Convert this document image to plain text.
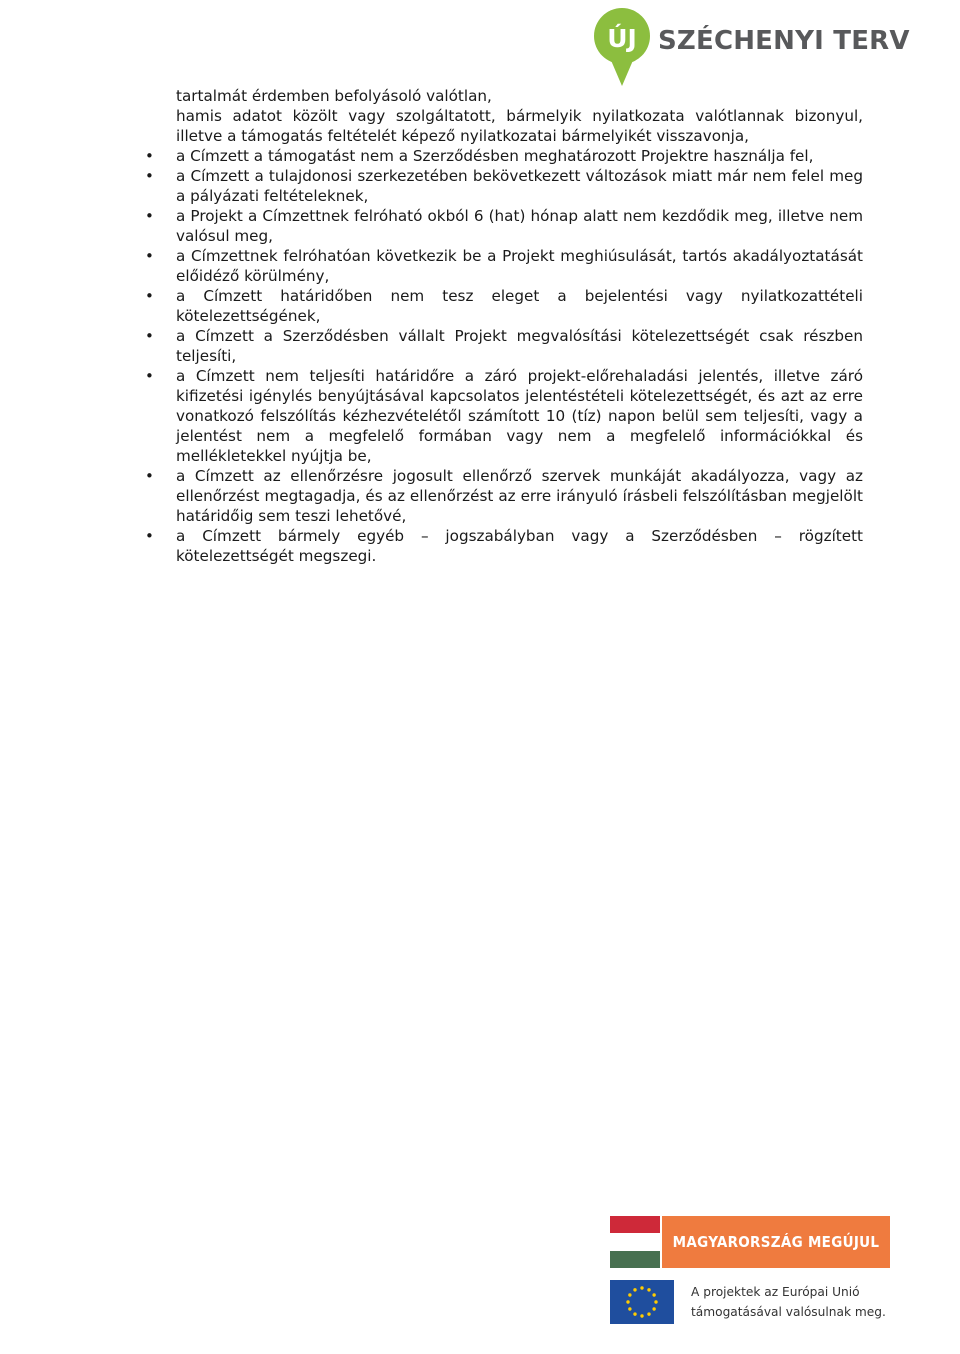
ÚJ SZÉCHENYI TERV

tartalmát érdemben befolyásoló valótlan,

hamis adatot közölt vagy szolgáltatott, bármelyik nyilatkozata valótlannak bizonyul, illetve a támogatás feltételét képező nyilatkozatai bármelyikét visszavonja,

• a Címzett a támogatást nem a Szerződésben meghatározott Projektre használja fel,
• a Címzett a tulajdonosi szerkezetében bekövetkezett változások miatt már nem felel meg a pályázati feltételeknek,
• a Projekt a Címzettnek felróható okból 6 (hat) hónap alatt nem kezdődik meg, illetve nem valósul meg,
• a Címzettnek felróhatóan következik be a Projekt meghiúsulását, tartós akadályoztatását előidéző körülmény,
• a Címzett határidőben nem tesz eleget a bejelentési vagy nyilatkozattételi kötelezettségének,
• a Címzett a Szerződésben vállalt Projekt megvalósítási kötelezettségét csak részben teljesíti,
• a Címzett nem teljesíti határidőre a záró projekt-előrehaladási jelentés, illetve záró kifizetési igénylés benyújtásával kapcsolatos jelentéstételi kötelezettségét, és azt az erre vonatkozó felszólítás kézhezvételétől számított 10 (tíz) napon belül sem teljesíti, vagy a jelentést nem a megfelelő formában vagy nem a megfelelő információkkal és mellékletekkel nyújtja be,
• a Címzett az ellenőrzésre jogosult ellenőrző szervek munkáját akadályozza, vagy az ellenőrzést megtagadja, és az ellenőrzést az erre irányuló írásbeli felszólításban megjelölt határidőig sem teszi lehetővé,
• a Címzett bármely egyéb – jogszabályban vagy a Szerződésben – rögzített kötelezettségét megszegi.
MAGYARORSZÁG MEGÚJUL
A projektek az Európai Unió
támogatásával valósulnak meg.
